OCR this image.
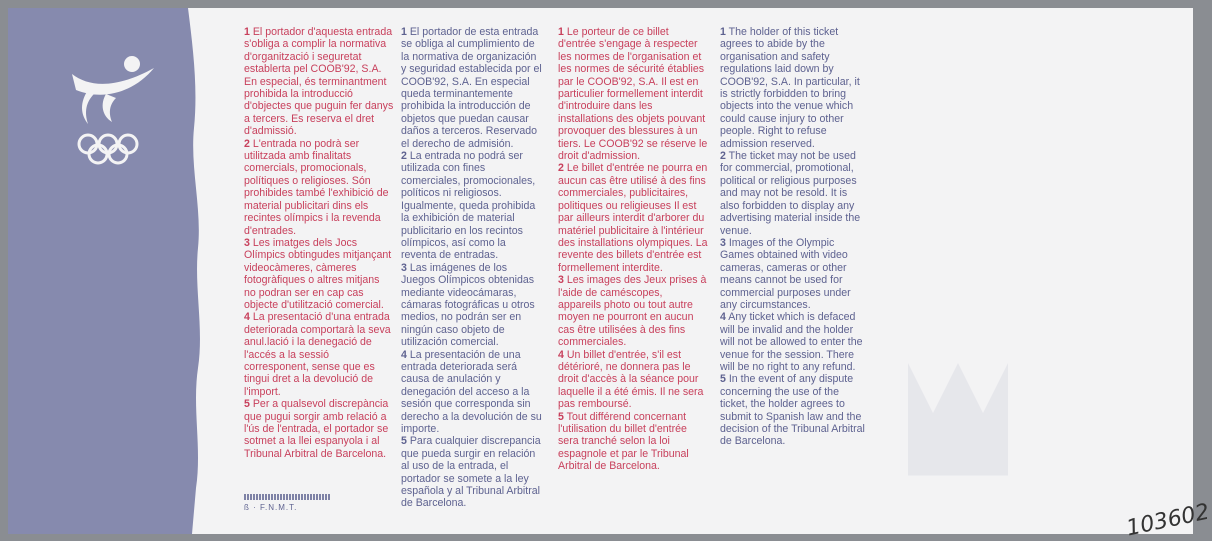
1 El portador d'aquesta entrada s'obliga a complir la normativa d'organització i seguretat establerta pel COOB'92, S.A. En especial, és terminantment prohibida la introducció d'objectes que puguin fer danys a tercers. Es reserva el dret d'admissió.

2 L'entrada no podrà ser utilitzada amb finalitats comercials, promocionals, polítiques o religioses. Són prohibides també l'exhibició de material publicitari dins els recintes olímpics i la revenda d'entrades.

3 Les imatges dels Jocs Olímpics obtingudes mitjançant videocàmeres, càmeres fotogràfiques o altres mitjans no podran ser en cap cas objecte d'utilització comercial.

4 La presentació d'una entrada deteriorada comportarà la seva anul.lació i la denegació de l'accés a la sessió corresponent, sense que es tingui dret a la devolució de l'import.

5 Per a qualsevol discrepància que pugui sorgir amb relació a l'ús de l'entrada, el portador se sotmet a la llei espanyola i al Tribunal Arbitral de Barcelona.

1 El portador de esta entrada se obliga al cumplimiento de la normativa de organización y seguridad establecida por el COOB'92, S.A. En especial queda terminantemente prohibida la introducción de objetos que puedan causar daños a terceros. Reservado el derecho de admisión.

2 La entrada no podrá ser utilizada con fines comerciales, promocionales, políticos ni religiosos. Igualmente, queda prohibida la exhibición de material publicitario en los recintos olímpicos, así como la reventa de entradas.

3 Las imágenes de los Juegos Olímpicos obtenidas mediante videocámaras, cámaras fotográficas u otros medios, no podrán ser en ningún caso objeto de utilización comercial.

4 La presentación de una entrada deteriorada será causa de anulación y denegación del acceso a la sesión que corresponda sin derecho a la devolución de su importe.

5 Para cualquier discrepancia que pueda surgir en relación al uso de la entrada, el portador se somete a la ley española y al Tribunal Arbitral de Barcelona.

1 Le porteur de ce billet d'entrée s'engage à respecter les normes de l'organisation et les normes de sécurité établies par le COOB'92, S.A. Il est en particulier formellement interdit d'introduire dans les installations des objets pouvant provoquer des blessures à un tiers. Le COOB'92 se réserve le droit d'admission.

2 Le billet d'entrée ne pourra en aucun cas être utilisé à des fins commerciales, publicitaires, politiques ou religieuses Il est par ailleurs interdit d'arborer du matériel publicitaire à l'intérieur des installations olympiques. La revente des billets d'entrée est formellement interdite.

3 Les images des Jeux prises à l'aide de caméscopes, appareils photo ou tout autre moyen ne pourront en aucun cas être utilisées à des fins commerciales.

4 Un billet d'entrée, s'il est détérioré, ne donnera pas le droit d'accès à la séance pour laquelle il a été émis. Il ne sera pas remboursé.

5 Tout différend concernant l'utilisation du billet d'entrée sera tranché selon la loi espagnole et par le Tribunal Arbitral de Barcelona.

1 The holder of this ticket agrees to abide by the organisation and safety regulations laid down by COOB'92, S.A. In particular, it is strictly forbidden to bring objects into the venue which could cause injury to other people. Right to refuse admission reserved.

2 The ticket may not be used for commercial, promotional, political or religious purposes and may not be resold. It is also forbidden to display any advertising material inside the venue.

3 Images of the Olympic Games obtained with video cameras, cameras or other means cannot be used for commercial purposes under any circumstances.

4 Any ticket which is defaced will be invalid and the holder will not be allowed to enter the venue for the session. There will be no right to any refund.

5 In the event of any dispute concerning the use of the ticket, the holder agrees to submit to Spanish law and the decision of the Tribunal Arbitral de Barcelona.

ß · F.N.M.T.	103602
